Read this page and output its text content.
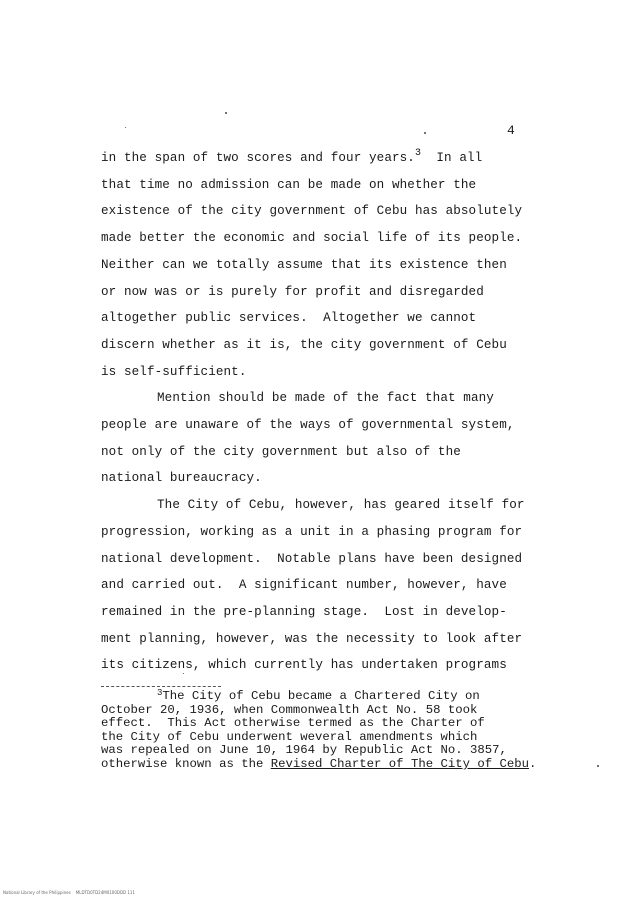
4
in the span of two scores and four years.$^3$  In all
that time no admission can be made on whether the
existence of the city government of Cebu has absolutely
made better the economic and social life of its people.
Neither can we totally assume that its existence then
or now was or is purely for profit and disregarded
altogether public services.  Altogether we cannot
discern whether as it is, the city government of Cebu
is self-sufficient.
Mention should be made of the fact that many
people are unaware of the ways of governmental system,
not only of the city government but also of the
national bureaucracy.
The City of Cebu, however, has geared itself for
progression, working as a unit in a phasing program for
national development.  Notable plans have been designed
and carried out.  A significant number, however, have
remained in the pre-planning stage.  Lost in develop-
ment planning, however, was the necessity to look after
its citizens, which currently has undertaken programs
$^3$The City of Cebu became a Chartered City on
October 20, 1936, when Commonwealth Act No. 58 took
effect.  This Act otherwise termed as the Charter of
the City of Cebu underwent weveral amendments which
was repealed on June 10, 1964 by Republic Act No. 3857,
otherwise known as the Revised Charter of The City of Cebu.
National Library of the Philippines    MLDTD0TD24M0100DDD 111
